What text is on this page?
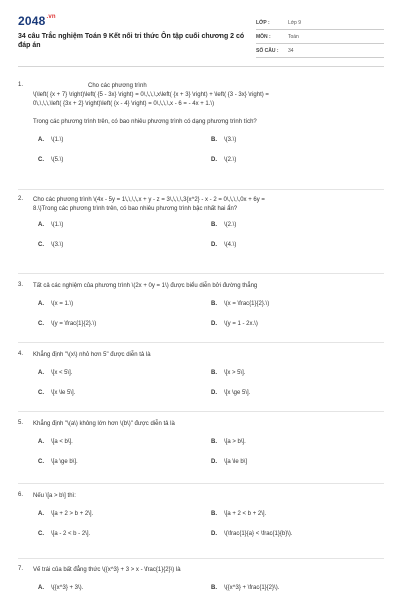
$2048^{.vn}$
34 câu Trắc nghiệm Toán 9 Kết nối tri thức Ôn tập cuối chương 2 có đáp án
LỚP :	Lớp 9
MÔN :	Toán
SỐ CÂU :	34
1.	Cho các phương trình
\(\left( {x + 7} \right)\left( {5 - 3x} \right) = 0\,\,\,\,x\left( {x + 3} \right) + \left( {3 - 3x} \right) =
0\,\,\,\,\left( {3x + 2} \right)\left( {x - 4} \right) = 0\,\,\,\,x - 6 = - 4x + 1.\)
Trong các phương trình trên, có bao nhiêu phương trình có dạng phương trình tích?
A. \(1.\)	B. \(3.\)
C. \(5.\)	D. \(2.\)
2. Cho các phương trình \(4x - 5y = 1\,\,\,\,x + y - z = 3\,\,\,\,3{x^2} - x - 2 = 0\,\,\,\,0x + 6y =
8.\)Trong các phương trình trên, có bao nhiêu phương trình bậc nhất hai ẩn?
A. \(1.\)	B. \(2.\)
C. \(3.\)	D. \(4.\)
3. Tất cả các nghiệm của phương trình \(2x + 0y = 1\) được biểu diễn bởi đường thẳng
A. \(x = 1.\)	B. \(x = \frac{1}{2}.\)
C. \(y = \frac{1}{2}.\)	D. \(y = 1 - 2x.\)
4. Khẳng định "\(x\) nhỏ hơn 5" được diễn tả là
A. \[x < 5\].	B. \[x > 5\].
C. \[x \le 5\].	D. \[x \ge 5\].
5. Khẳng định "\(a\) không lớn hơn \(b\)" được diễn tả là
A. \[a < b\].	B. \[a > b\].
C. \[a \ge b\].	D. \[a \le b\]
6. Nếu \[a > b\] thì:
A. \[a + 2 > b + 2\].	B. \[a + 2 < b + 2\].
C. \[a - 2 < b - 2\].	D. \(\frac{1}{a} < \frac{1}{b}\).
7. Vế trái của bất đẳng thức \({x^3} + 3 > x - \frac{1}{2}\) là
A. \({x^3} + 3\).	B. \({x^3} + \frac{1}{2}\).
